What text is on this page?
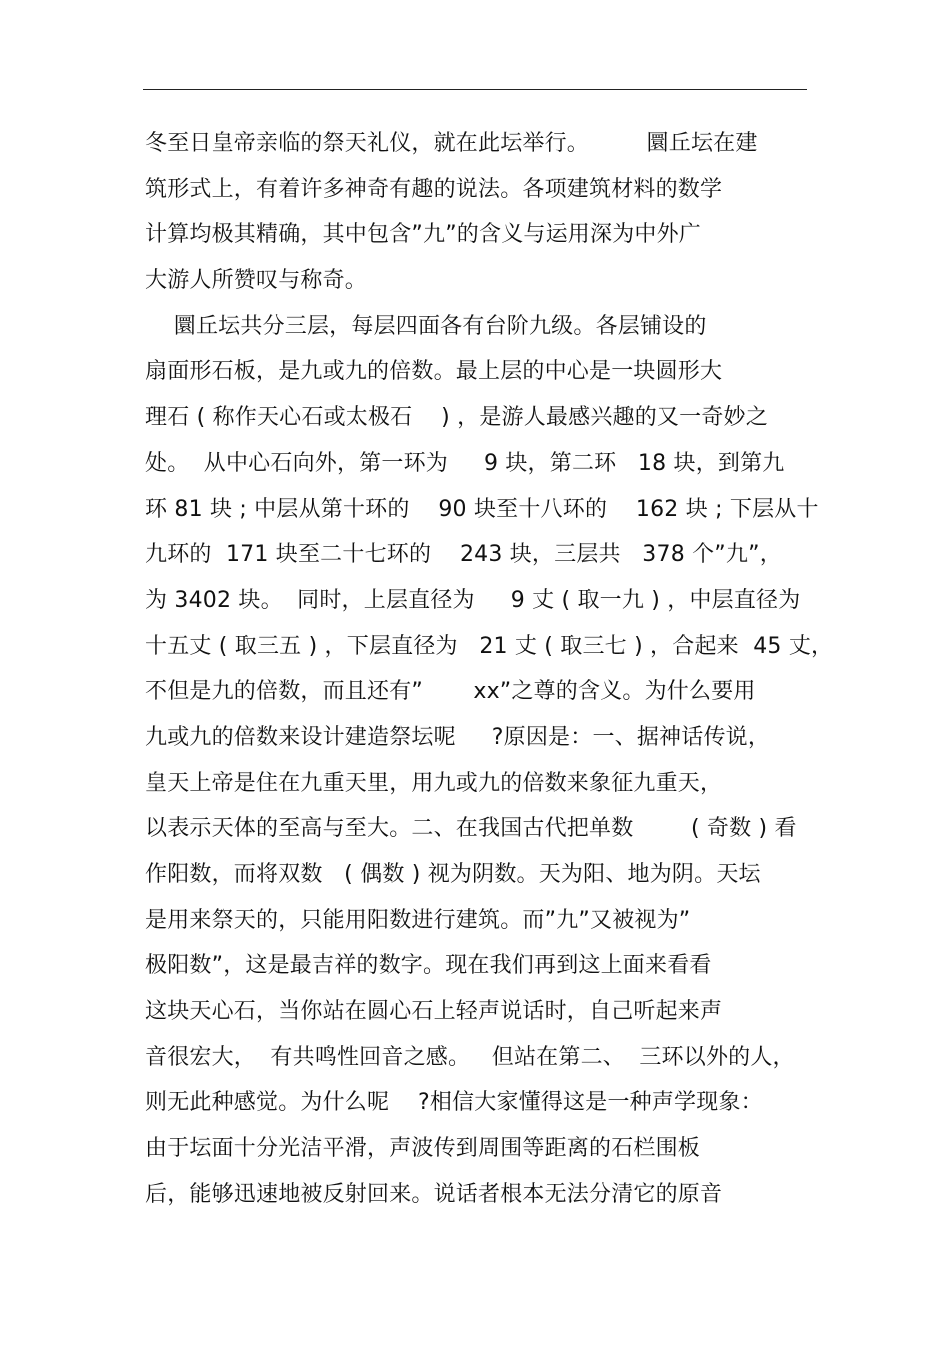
冬至日皇帝亲临的祭天礼仪，就在此坛举行。        圜丘坛在建
筑形式上，有着许多神奇有趣的说法。各项建筑材料的数学
计算均极其精确，其中包含”九”的含义与运用深为中外广
大游人所赞叹与称奇。
圜丘坛共分三层，每层四面各有台阶九级。各层铺设的
扇面形石板，是九或九的倍数。最上层的中心是一块圆形大
理石 ( 称作天心石或太极石    ) ，是游人最感兴趣的又一奇妙之
处。  从中心石向外，第一环为     9 块，第二环   18 块，到第九
环 81 块 ; 中层从第十环的    90 块至十八环的    162 块 ; 下层从十
九环的  171 块至二十七环的    243 块，三层共   378 个”九”，
为 3402 块。  同时，上层直径为     9 丈 ( 取一九 ) ，中层直径为
十五丈 ( 取三五 ) ，下层直径为   21 丈 ( 取三七 ) ，合起来  45 丈，
不但是九的倍数，而且还有”       xx”之尊的含义。为什么要用
九或九的倍数来设计建造祭坛呢     ?原因是：一、据神话传说，
皇天上帝是住在九重天里，用九或九的倍数来象征九重天，
以表示天体的至高与至大。二、在我国古代把单数        ( 奇数 ) 看
作阳数，而将双数   ( 偶数 ) 视为阴数。天为阳、地为阴。天坛
是用来祭天的，只能用阳数进行建筑。而”九”又被视为”
极阳数”，这是最吉祥的数字。现在我们再到这上面来看看
这块天心石，当你站在圆心石上轻声说话时，自己听起来声
音很宏大，  有共鸣性回音之感。   但站在第二、  三环以外的人，
则无此种感觉。为什么呢    ?相信大家懂得这是一种声学现象：
由于坛面十分光洁平滑，声波传到周围等距离的石栏围板
后，能够迅速地被反射回来。说话者根本无法分清它的原音
